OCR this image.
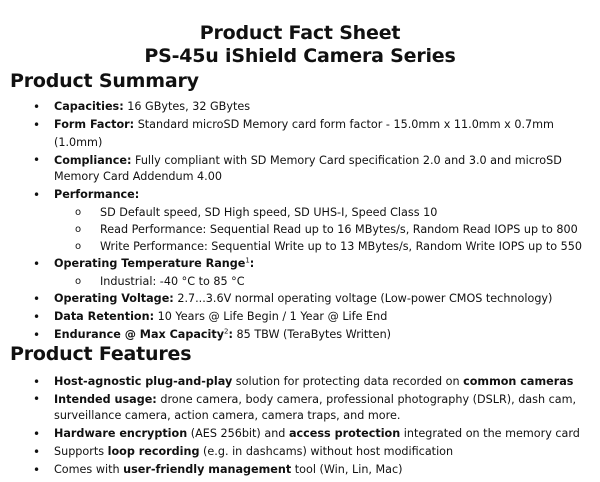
Product Fact Sheet
PS-45u iShield Camera Series
Product Summary
• Capacities: 16 GBytes, 32 GBytes
• Form Factor: Standard microSD Memory card form factor - 15.0mm x 11.0mm x 0.7mm (1.0mm)
• Compliance: Fully compliant with SD Memory Card specification 2.0 and 3.0 and microSD Memory Card Addendum 4.00
• Performance:
o SD Default speed, SD High speed, SD UHS-I, Speed Class 10
o Read Performance: Sequential Read up to 16 MBytes/s, Random Read IOPS up to 800
o Write Performance: Sequential Write up to 13 MBytes/s, Random Write IOPS up to 550
• Operating Temperature Range$^1$:
o Industrial: -40 °C to 85 °C
• Operating Voltage: 2.7...3.6V normal operating voltage (Low-power CMOS technology)
• Data Retention: 10 Years @ Life Begin / 1 Year @ Life End
• Endurance @ Max Capacity$^2$: 85 TBW (TeraBytes Written)
Product Features
• Host-agnostic plug-and-play solution for protecting data recorded on common cameras
• Intended usage: drone camera, body camera, professional photography (DSLR), dash cam, surveillance camera, action camera, camera traps, and more.
• Hardware encryption (AES 256bit) and access protection integrated on the memory card
• Supports loop recording (e.g. in dashcams) without host modification
• Comes with user-friendly management tool (Win, Lin, Mac)
